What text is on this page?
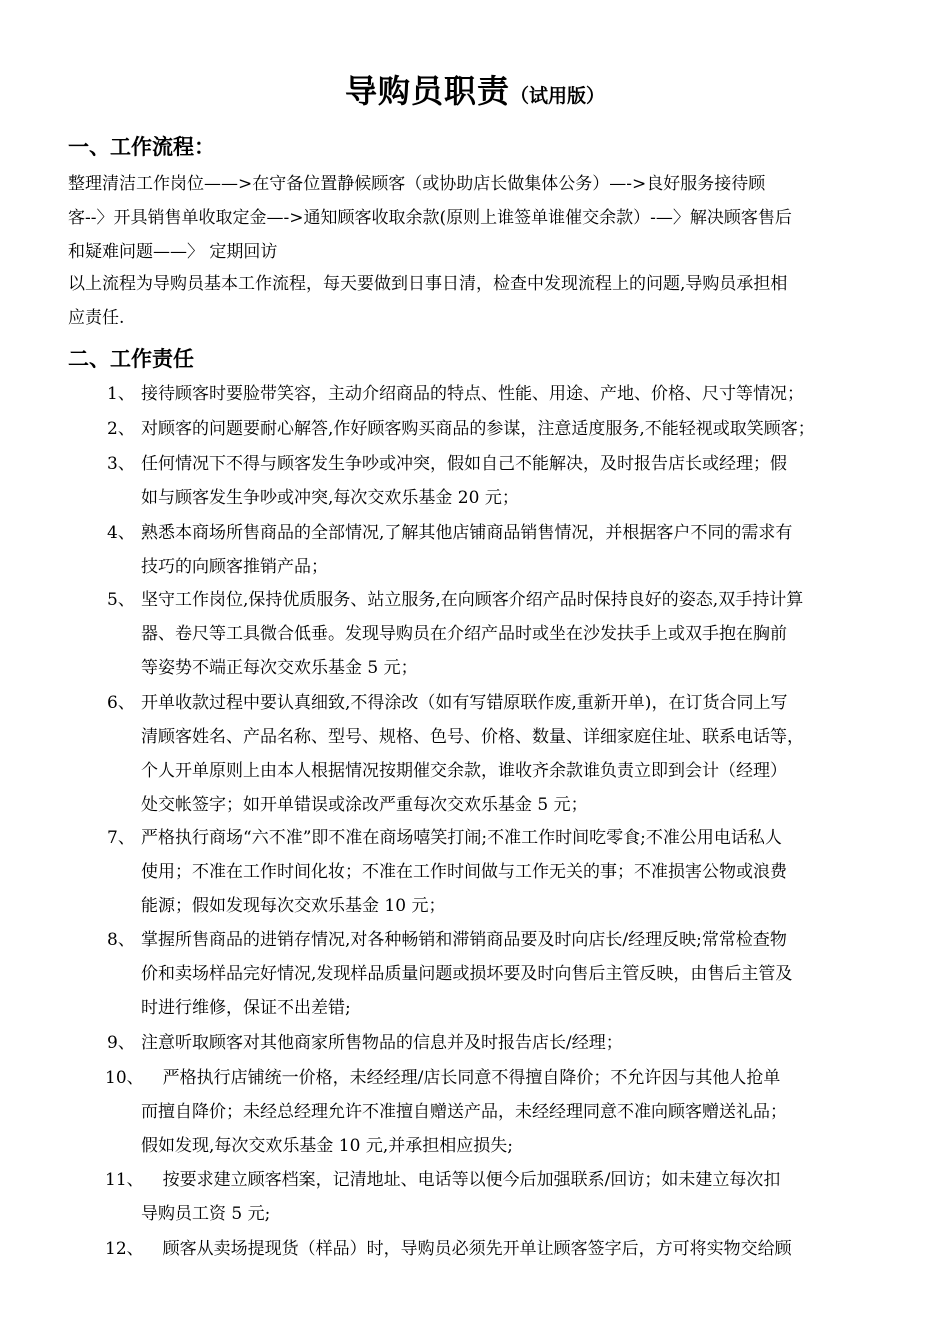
导购员职责（试用版）
一、工作流程：
整理清洁工作岗位——>在守备位置静候顾客（或协助店长做集体公务）—->良好服务接待顾
客--〉开具销售单收取定金—->通知顾客收取余款(原则上谁签单谁催交余款）-—〉解决顾客售后
和疑难问题——〉 定期回访
以上流程为导购员基本工作流程，每天要做到日事日清，检查中发现流程上的问题,导购员承担相
应责任.
二、工作责任
1、 接待顾客时要脸带笑容，主动介绍商品的特点、性能、用途、产地、价格、尺寸等情况；
2、 对顾客的问题要耐心解答,作好顾客购买商品的参谋，注意适度服务,不能轻视或取笑顾客；
3、 任何情况下不得与顾客发生争吵或冲突，假如自己不能解决，及时报告店长或经理；假
如与顾客发生争吵或冲突,每次交欢乐基金 20 元；
4、 熟悉本商场所售商品的全部情况,了解其他店铺商品销售情况，并根据客户不同的需求有
技巧的向顾客推销产品；
5、 坚守工作岗位,保持优质服务、站立服务,在向顾客介绍产品时保持良好的姿态,双手持计算
器、卷尺等工具微合低垂。发现导购员在介绍产品时或坐在沙发扶手上或双手抱在胸前
等姿势不端正每次交欢乐基金 5 元；
6、 开单收款过程中要认真细致,不得涂改（如有写错原联作废,重新开单)，在订货合同上写
清顾客姓名、产品名称、型号、规格、色号、价格、数量、详细家庭住址、联系电话等，
个人开单原则上由本人根据情况按期催交余款，谁收齐余款谁负责立即到会计（经理）
处交帐签字；如开单错误或涂改严重每次交欢乐基金 5 元；
7、 严格执行商场“六不准”即不准在商场嘻笑打闹;不准工作时间吃零食;不准公用电话私人
使用；不准在工作时间化妆；不准在工作时间做与工作无关的事；不准损害公物或浪费
能源；假如发现每次交欢乐基金 10 元；
8、 掌握所售商品的进销存情况,对各种畅销和滞销商品要及时向店长/经理反映;常常检查物
价和卖场样品完好情况,发现样品质量问题或损坏要及时向售后主管反映，由售后主管及
时进行维修，保证不出差错;
9、 注意听取顾客对其他商家所售物品的信息并及时报告店长/经理；
10、
严格执行店铺统一价格，未经经理/店长同意不得擅自降价；不允许因与其他人抢单
而擅自降价；未经总经理允许不准擅自赠送产品，未经经理同意不准向顾客赠送礼品；
假如发现,每次交欢乐基金 10 元,并承担相应损失;
11、
按要求建立顾客档案，记清地址、电话等以便今后加强联系/回访；如未建立每次扣
导购员工资 5 元;
12、
顾客从卖场提现货（样品）时，导购员必须先开单让顾客签字后，方可将实物交给顾
